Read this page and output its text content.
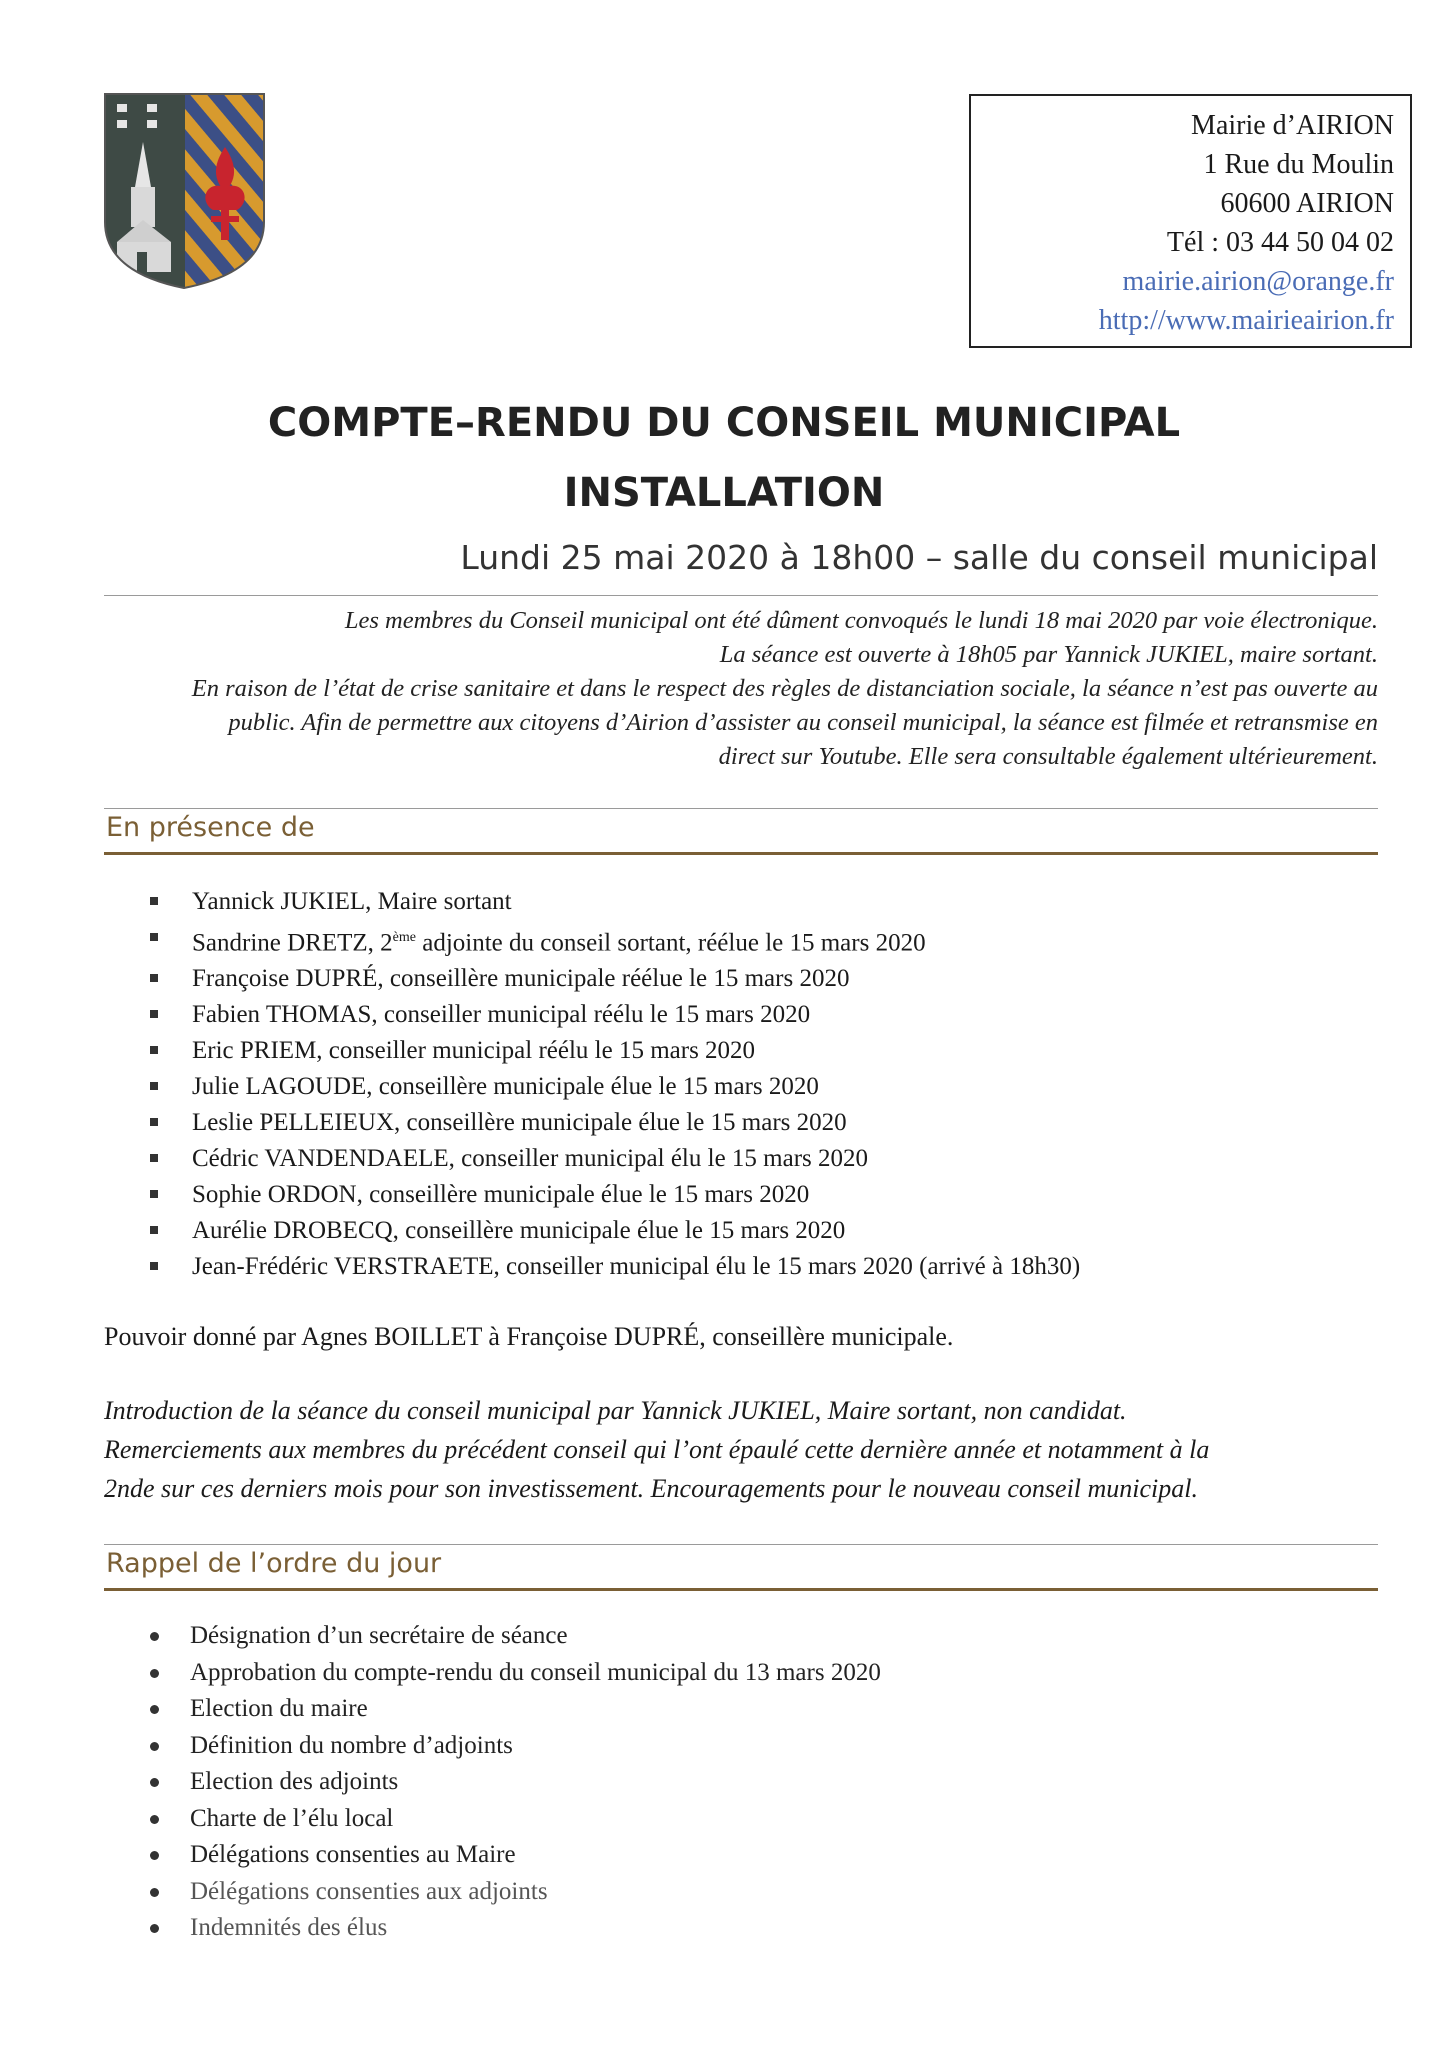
Mairie d’AIRION
1 Rue du Moulin
60600 AIRION
Tél : 03 44 50 04 02
mairie.airion@orange.fr
http://www.mairieairion.fr
COMPTE–RENDU DU CONSEIL MUNICIPAL
INSTALLATION
Lundi 25 mai 2020 à 18h00 – salle du conseil municipal
Les membres du Conseil municipal ont été dûment convoqués le lundi 18 mai 2020 par voie électronique.
La séance est ouverte à 18h05 par Yannick JUKIEL, maire sortant.
En raison de l’état de crise sanitaire et dans le respect des règles de distanciation sociale, la séance n’est pas ouverte au
public. Afin de permettre aux citoyens d’Airion d’assister au conseil municipal, la séance est filmée et retransmise en
direct sur Youtube. Elle sera consultable également ultérieurement.
En présence de
Yannick JUKIEL, Maire sortant
Sandrine DRETZ, 2ème adjointe du conseil sortant, réélue le 15 mars 2020
Françoise DUPRÉ, conseillère municipale réélue le 15 mars 2020
Fabien THOMAS, conseiller municipal réélu le 15 mars 2020
Eric PRIEM, conseiller municipal réélu le 15 mars 2020
Julie LAGOUDE, conseillère municipale élue le 15 mars 2020
Leslie PELLEIEUX, conseillère municipale élue le 15 mars 2020
Cédric VANDENDAELE, conseiller municipal élu le 15 mars 2020
Sophie ORDON, conseillère municipale élue le 15 mars 2020
Aurélie DROBECQ, conseillère municipale élue le 15 mars 2020
Jean-Frédéric VERSTRAETE, conseiller municipal élu le 15 mars 2020 (arrivé à 18h30)
Pouvoir donné par Agnes BOILLET à Françoise DUPRÉ, conseillère municipale.
Introduction de la séance du conseil municipal par Yannick JUKIEL, Maire sortant, non candidat.
Remerciements aux membres du précédent conseil qui l’ont épaulé cette dernière année et notamment à la
2nde sur ces derniers mois pour son investissement. Encouragements pour le nouveau conseil municipal.
Rappel de l’ordre du jour
Désignation d’un secrétaire de séance
Approbation du compte-rendu du conseil municipal du 13 mars 2020
Election du maire
Définition du nombre d’adjoints
Election des adjoints
Charte de l’élu local
Délégations consenties au Maire
Délégations consenties aux adjoints
Indemnités des élus
